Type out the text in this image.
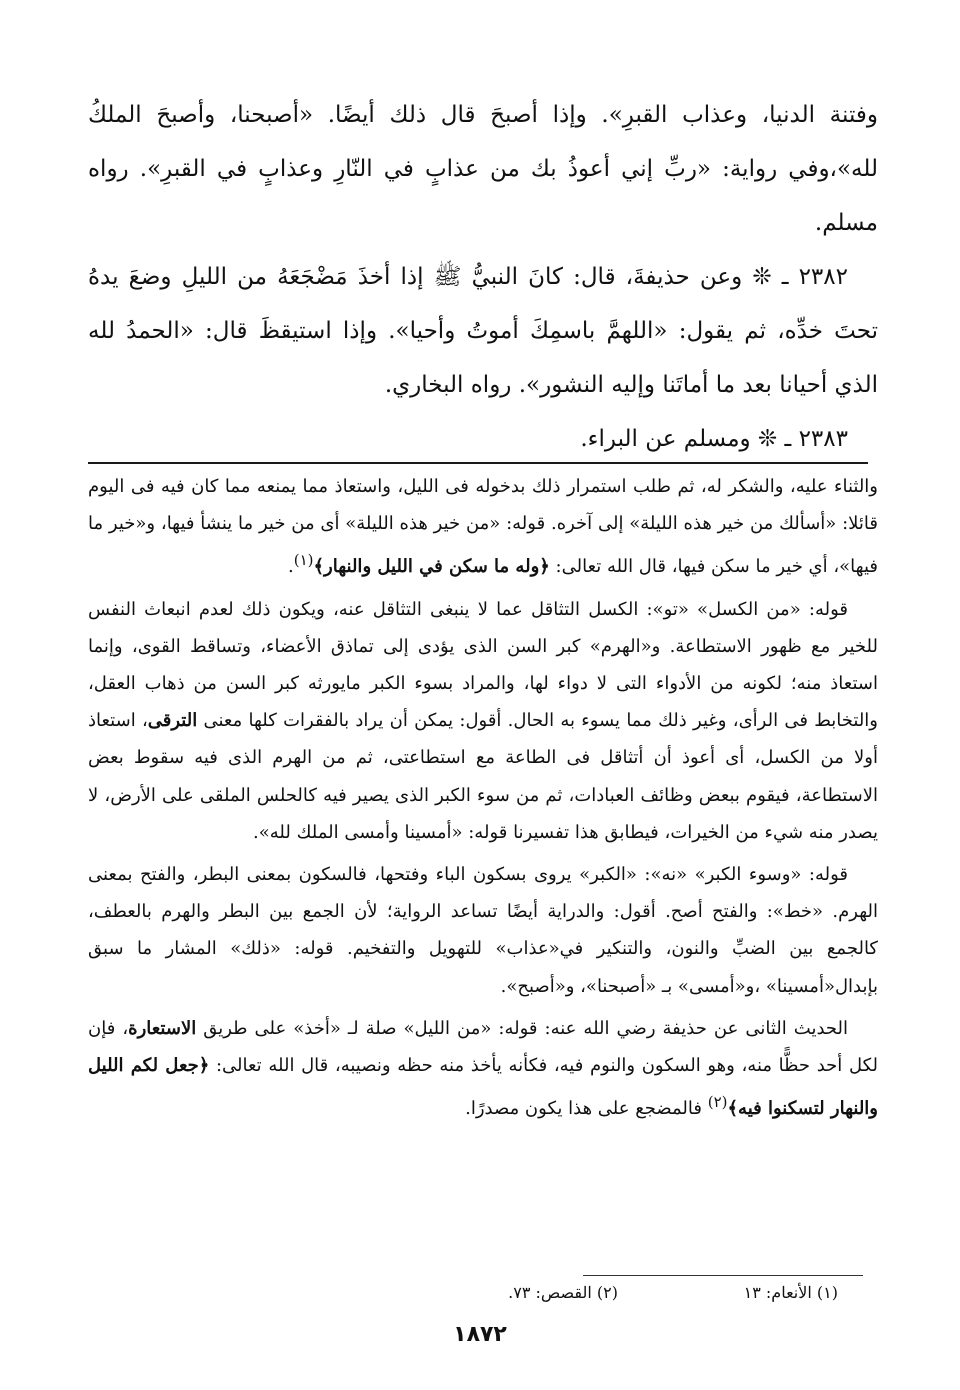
وفتنة الدنيا، وعذاب القبرِ». وإذا أصبحَ قال ذلك أيضًا. «أصبحنا، وأصبحَ الملكُ لله»،وفي رواية: «ربِّ إني أعوذُ بك من عذابٍ في النّارِ وعذابٍ في القبرِ». رواه مسلم.

٢٣٨٢ ـ ❊ وعن حذيفةَ، قال: كانَ النبيُّ ﷺ إذا أخذَ مَضْجَعَهُ من الليلِ وضعَ يدهُ تحتَ خدِّه، ثم يقول: «اللهمَّ باسمِكَ أموتُ وأحيا». وإذا استيقظَ قال: «الحمدُ لله الذي أحيانا بعد ما أماتَنا وإليه النشور». رواه البخاري.

٢٣٨٣ ـ ❊ ومسلم عن البراء.

والثناء عليه، والشكر له، ثم طلب استمرار ذلك بدخوله فى الليل، واستعاذ مما يمنعه مما كان فيه فى اليوم قائلا: «أسألك من خير هذه الليلة» إلى آخره. قوله: «من خير هذه الليلة» أى من خير ما ينشأ فيها، و«خير ما فيها»، أي خير ما سكن فيها، قال الله تعالى: ﴿وله ما سكن في الليل والنهار﴾$^{(١)}$.

قوله: «من الكسل» «تو»: الكسل التثاقل عما لا ينبغى التثاقل عنه، ويكون ذلك لعدم انبعاث النفس للخير مع ظهور الاستطاعة. و«الهرم» كبر السن الذى يؤدى إلى تماذق الأعضاء، وتساقط القوى، وإنما استعاذ منه؛ لكونه من الأدواء التى لا دواء لها، والمراد بسوء الكبر مايورثه كبر السن من ذهاب العقل، والتخابط فى الرأى، وغير ذلك مما يسوء به الحال. أقول: يمكن أن يراد بالفقرات كلها معنى الترقى، استعاذ أولا من الكسل، أى أعوذ أن أتثاقل فى الطاعة مع استطاعتى، ثم من الهرم الذى فيه سقوط بعض الاستطاعة، فيقوم ببعض وظائف العبادات، ثم من سوء الكبر الذى يصير فيه كالحلس الملقى على الأرض، لا يصدر منه شيء من الخيرات، فيطابق هذا تفسيرنا قوله: «أمسينا وأمسى الملك لله».

قوله: «وسوء الكبر» «نه»: «الكبر» يروى بسكون الباء وفتحها، فالسكون بمعنى البطر، والفتح بمعنى الهرم. «خط»: والفتح أصح. أقول: والدراية أيضًا تساعد الرواية؛ لأن الجمع بين البطر والهرم بالعطف، كالجمع بين الضبِّ والنون، والتنكير في«عذاب» للتهويل والتفخيم. قوله: «ذلك» المشار ما سبق بإبدال«أمسينا» ،و«أمسى» بـ «أصبحنا»، و«أصبح».

الحديث الثانى عن حذيفة رضي الله عنه: قوله: «من الليل» صلة لـ «أخذ» على طريق الاستعارة، فإن لكل أحد حظًّا منه، وهو السكون والنوم فيه، فكأنه يأخذ منه حظه ونصيبه، قال الله تعالى: ﴿جعل لكم الليل والنهار لتسكنوا فيه﴾$^{(٢)}$ فالمضجع على هذا يكون مصدرًا.

(١) الأنعام: ١٣
(٢) القصص: ٧٣.
١٨٧٢
